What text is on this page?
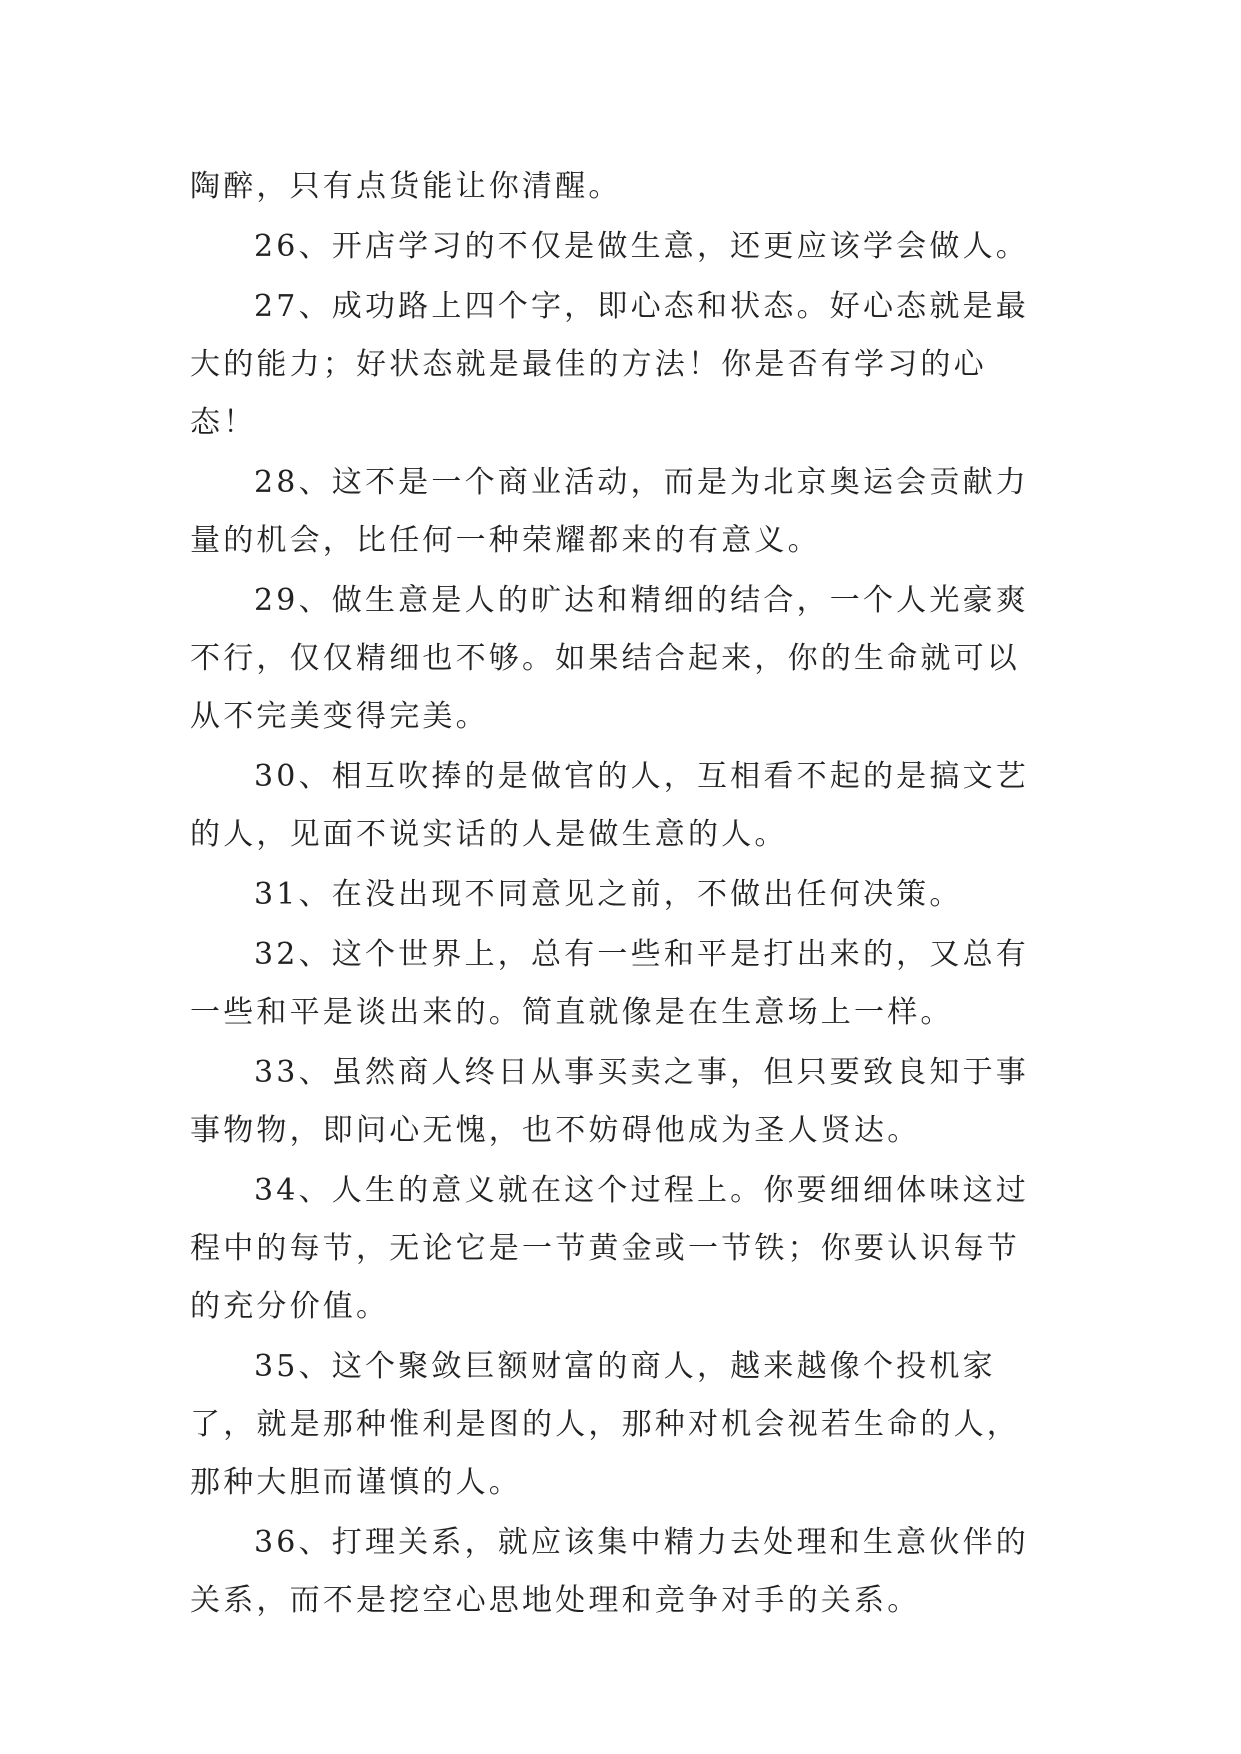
陶醉，只有点货能让你清醒。

26、开店学习的不仅是做生意，还更应该学会做人。

27、成功路上四个字，即心态和状态。好心态就是最大的能力；好状态就是最佳的方法！你是否有学习的心态！

28、这不是一个商业活动，而是为北京奥运会贡献力量的机会，比任何一种荣耀都来的有意义。

29、做生意是人的旷达和精细的结合，一个人光豪爽不行，仅仅精细也不够。如果结合起来，你的生命就可以从不完美变得完美。

30、相互吹捧的是做官的人，互相看不起的是搞文艺的人，见面不说实话的人是做生意的人。

31、在没出现不同意见之前，不做出任何决策。

32、这个世界上，总有一些和平是打出来的，又总有一些和平是谈出来的。简直就像是在生意场上一样。

33、虽然商人终日从事买卖之事，但只要致良知于事事物物，即问心无愧，也不妨碍他成为圣人贤达。

34、人生的意义就在这个过程上。你要细细体味这过程中的每节，无论它是一节黄金或一节铁；你要认识每节的充分价值。

35、这个聚敛巨额财富的商人，越来越像个投机家了，就是那种惟利是图的人，那种对机会视若生命的人，那种大胆而谨慎的人。

36、打理关系，就应该集中精力去处理和生意伙伴的关系，而不是挖空心思地处理和竞争对手的关系。
